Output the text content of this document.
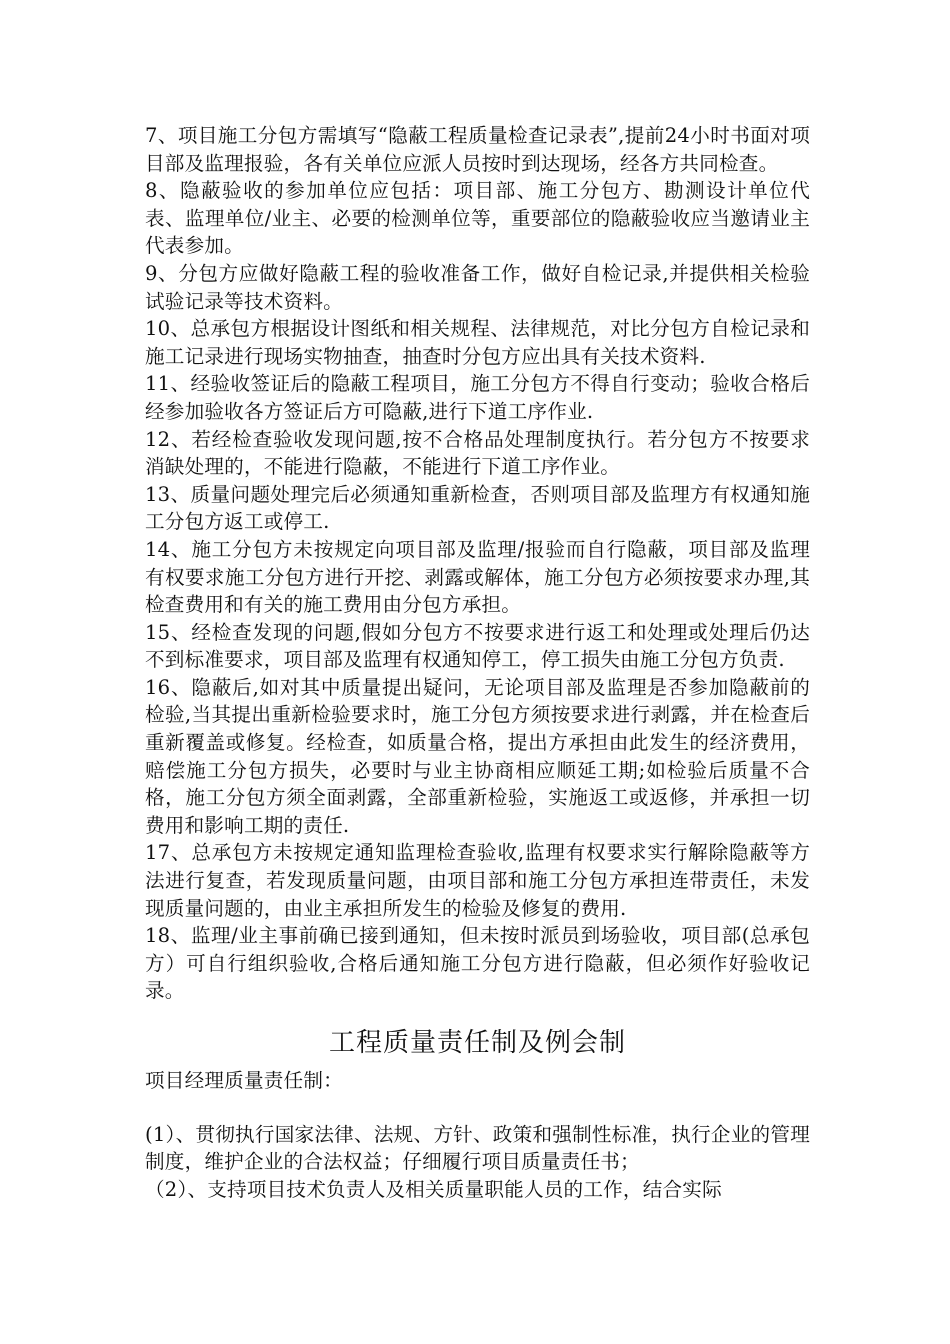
7、项目施工分包方需填写“隐蔽工程质量检查记录表”,提前24小时书面对项目部及监理报验，各有关单位应派人员按时到达现场，经各方共同检查。

8、隐蔽验收的参加单位应包括：项目部、施工分包方、勘测设计单位代表、监理单位/业主、必要的检测单位等，重要部位的隐蔽验收应当邀请业主代表参加。

9、分包方应做好隐蔽工程的验收准备工作，做好自检记录,并提供相关检验试验记录等技术资料。

10、总承包方根据设计图纸和相关规程、法律规范，对比分包方自检记录和施工记录进行现场实物抽查，抽查时分包方应出具有关技术资料.

11、经验收签证后的隐蔽工程项目，施工分包方不得自行变动；验收合格后经参加验收各方签证后方可隐蔽,进行下道工序作业.

12、若经检查验收发现问题,按不合格品处理制度执行。若分包方不按要求消缺处理的，不能进行隐蔽，不能进行下道工序作业。

13、质量问题处理完后必须通知重新检查，否则项目部及监理方有权通知施工分包方返工或停工.

14、施工分包方未按规定向项目部及监理/报验而自行隐蔽，项目部及监理有权要求施工分包方进行开挖、剥露或解体，施工分包方必须按要求办理,其检查费用和有关的施工费用由分包方承担。

15、经检查发现的问题,假如分包方不按要求进行返工和处理或处理后仍达不到标准要求，项目部及监理有权通知停工，停工损失由施工分包方负责.

16、隐蔽后,如对其中质量提出疑问，无论项目部及监理是否参加隐蔽前的检验,当其提出重新检验要求时，施工分包方须按要求进行剥露，并在检查后重新覆盖或修复。经检查，如质量合格，提出方承担由此发生的经济费用，赔偿施工分包方损失，必要时与业主协商相应顺延工期;如检验后质量不合格，施工分包方须全面剥露，全部重新检验，实施返工或返修，并承担一切费用和影响工期的责任.

17、总承包方未按规定通知监理检查验收,监理有权要求实行解除隐蔽等方法进行复查，若发现质量问题，由项目部和施工分包方承担连带责任，未发现质量问题的，由业主承担所发生的检验及修复的费用.

18、监理/业主事前确已接到通知，但未按时派员到场验收，项目部(总承包方）可自行组织验收,合格后通知施工分包方进行隐蔽，但必须作好验收记录。

工程质量责任制及例会制

项目经理质量责任制：

(1）、贯彻执行国家法律、法规、方针、政策和强制性标准，执行企业的管理制度，维护企业的合法权益；仔细履行项目质量责任书；

（2）、支持项目技术负责人及相关质量职能人员的工作，结合实际
